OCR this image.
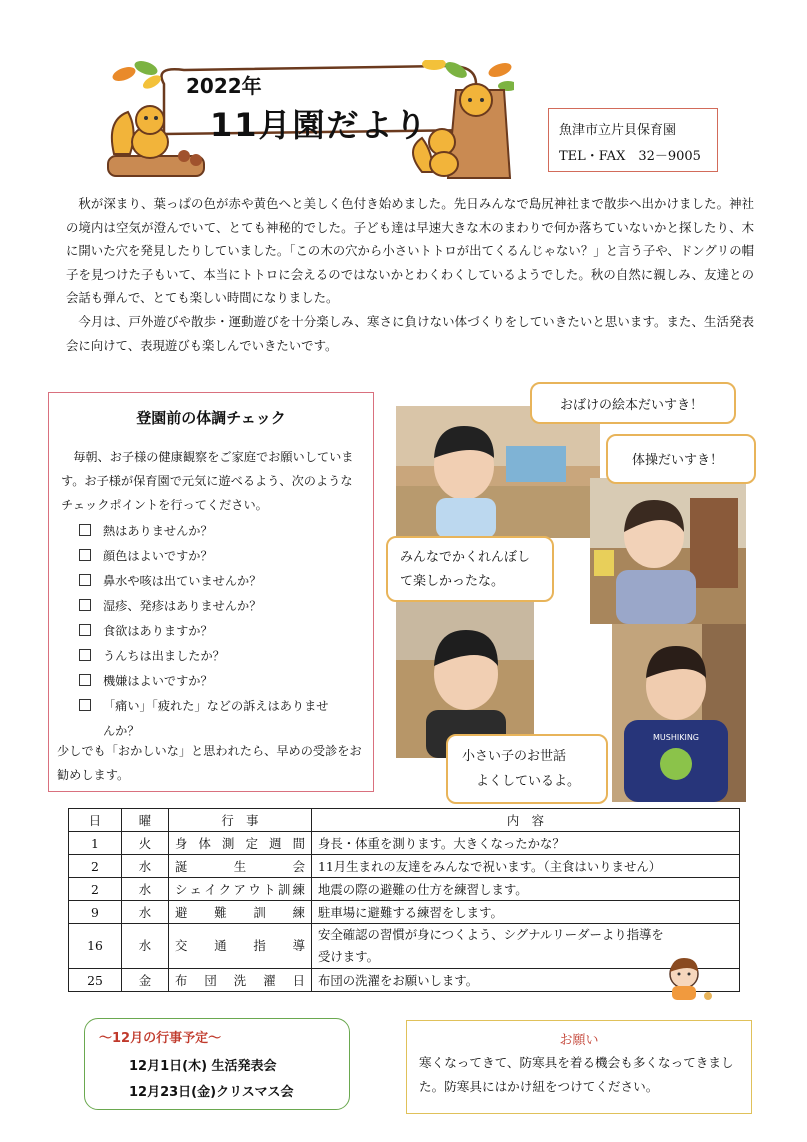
2022年
11月園だより	魚津市立片貝保育園
TEL・FAX　32－9005

秋が深まり、葉っぱの色が赤や黄色へと美しく色付き始めました。先日みんなで島尻神社まで散歩へ出かけました。神社の境内は空気が澄んでいて、とても神秘的でした。子ども達は早速大きな木のまわりで何か落ちていないかと探したり、木に開いた穴を発見したりしていました。「この木の穴から小さいトトロが出てくるんじゃない？」と言う子や、ドングリの帽子を見つけた子もいて、本当にトトロに会えるのではないかとわくわくしているようでした。秋の自然に親しみ、友達との会話も弾んで、とても楽しい時間になりました。

今月は、戸外遊びや散歩・運動遊びを十分楽しみ、寒さに負けない体づくりをしていきたいと思います。また、生活発表会に向けて、表現遊びも楽しんでいきたいです。

登園前の体調チェック
毎朝、お子様の健康観察をご家庭でお願いしています。お子様が保育園で元気に遊べるよう、次のようなチェックポイントを行ってください。
熱はありませんか？
顔色はよいですか？
鼻水や咳は出ていませんか？
湿疹、発疹はありませんか？
食欲はありますか？
うんちは出ましたか？
機嫌はよいですか？
「痛い」「疲れた」などの訴えはありませ
んか？
少しでも「おかしいな」と思われたら、早めの受診をお勧めします。
MUSHIKING
おばけの絵本だいすき！
体操だいすき！
みんなでかくれんぼし
て楽しかったな。
小さい子のお世話
よくしているよ。
日	曜	行　事	内　容
1	火	身体測定週間	身長・体重を測ります。大きくなったかな？
2	水	誕生会	11月生まれの友達をみんなで祝います。（主食はいりません）
2	水	シェイクアウト訓練	地震の際の避難の仕方を練習します。
9	水	避難訓練	駐車場に避難する練習をします。
16	水	交通指導	安全確認の習慣が身につくよう、シグナルリーダーより指導を受けます。
25	金	布団洗濯日	布団の洗濯をお願いします。
～12月の行事予定～
12月1日(木) 生活発表会
12月23日(金)クリスマス会
お願い
寒くなってきて、防寒具を着る機会も多くなってきました。防寒具にはかけ紐をつけてください。
